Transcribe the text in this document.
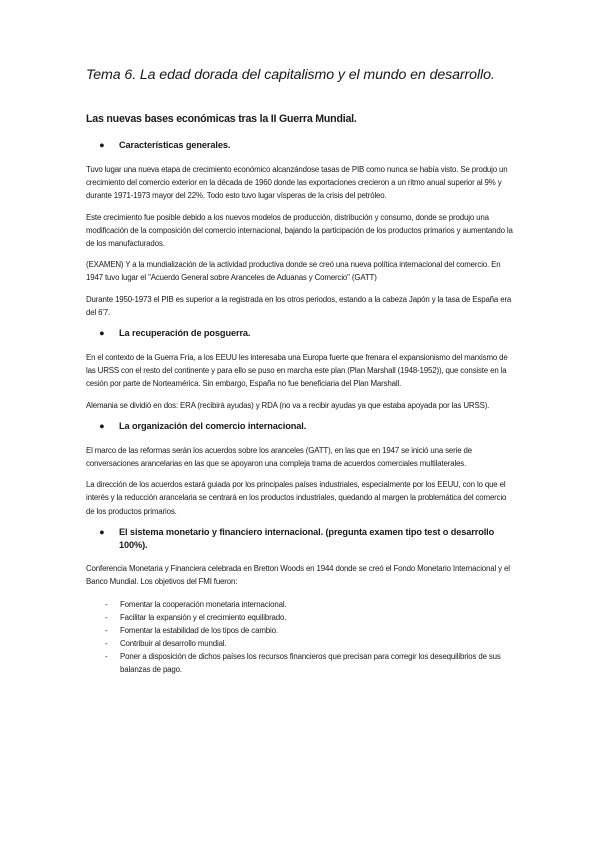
Tema 6. La edad dorada del capitalismo y el mundo en desarrollo.
Las nuevas bases económicas tras la II Guerra Mundial.
●	Características generales.

Tuvo lugar una nueva etapa de crecimiento económico alcanzándose tasas de PIB como nunca se había visto. Se produjo un crecimiento del comercio exterior en la década de 1960 donde las exportaciones crecieron a un ritmo anual superior al 9% y durante 1971-1973 mayor del 22%. Todo esto tuvo lugar vísperas de la crisis del petróleo.

Este crecimiento fue posible debido a los nuevos modelos de producción, distribución y consumo, donde se produjo una modificación de la composición del comercio internacional, bajando la participación de los productos primarios y aumentando la de los manufacturados.

(EXAMEN) Y a la mundialización de la actividad productiva donde se creó una nueva política internacional del comercio. En 1947 tuvo lugar el "Acuerdo General sobre Aranceles de Aduanas y Comercio" (GATT)

Durante 1950-1973 el PIB es superior a la registrada en los otros periodos, estando a la cabeza Japón y la tasa de España era del 6'7.

●	La recuperación de posguerra.

En el contexto de la Guerra Fría, a los EEUU les interesaba una Europa fuerte que frenara el expansionismo del marxismo de las URSS con el resto del continente y para ello se puso en marcha este plan (Plan Marshall (1948-1952)), que consiste en la cesión por parte de Norteamérica. Sin embargo, España no fue beneficiaria del Plan Marshall.

Alemania se dividió en dos: ERA (recibirá ayudas) y RDA (no va a recibir ayudas ya que estaba apoyada por las URSS).

●	La organización del comercio internacional.

El marco de las reformas serán los acuerdos sobre los aranceles (GATT), en las que en 1947 se inició una serie de conversaciones arancelarias en las que se apoyaron una compleja trama de acuerdos comerciales multilaterales.

La dirección de los acuerdos estará guiada por los principales países industriales, especialmente por los EEUU, con lo que el interés y la reducción arancelaria se centrará en los productos industriales, quedando al margen la problemática del comercio de los productos primarios.

●	El sistema monetario y financiero internacional. (pregunta examen tipo test o desarrollo 100%).

Conferencia Monetaria y Financiera celebrada en Bretton Woods en 1944 donde se creó el Fondo Monetario Internacional y el Banco Mundial. Los objetivos del FMI fueron:

-	Fomentar la cooperación monetaria internacional.
-	Facilitar la expansión y el crecimiento equilibrado.
-	Fomentar la estabilidad de los tipos de cambio.
-	Contribuir al desarrollo mundial.
-	Poner a disposición de dichos países los recursos financieros que precisan para corregir los desequilibrios de sus balanzas de pago.
